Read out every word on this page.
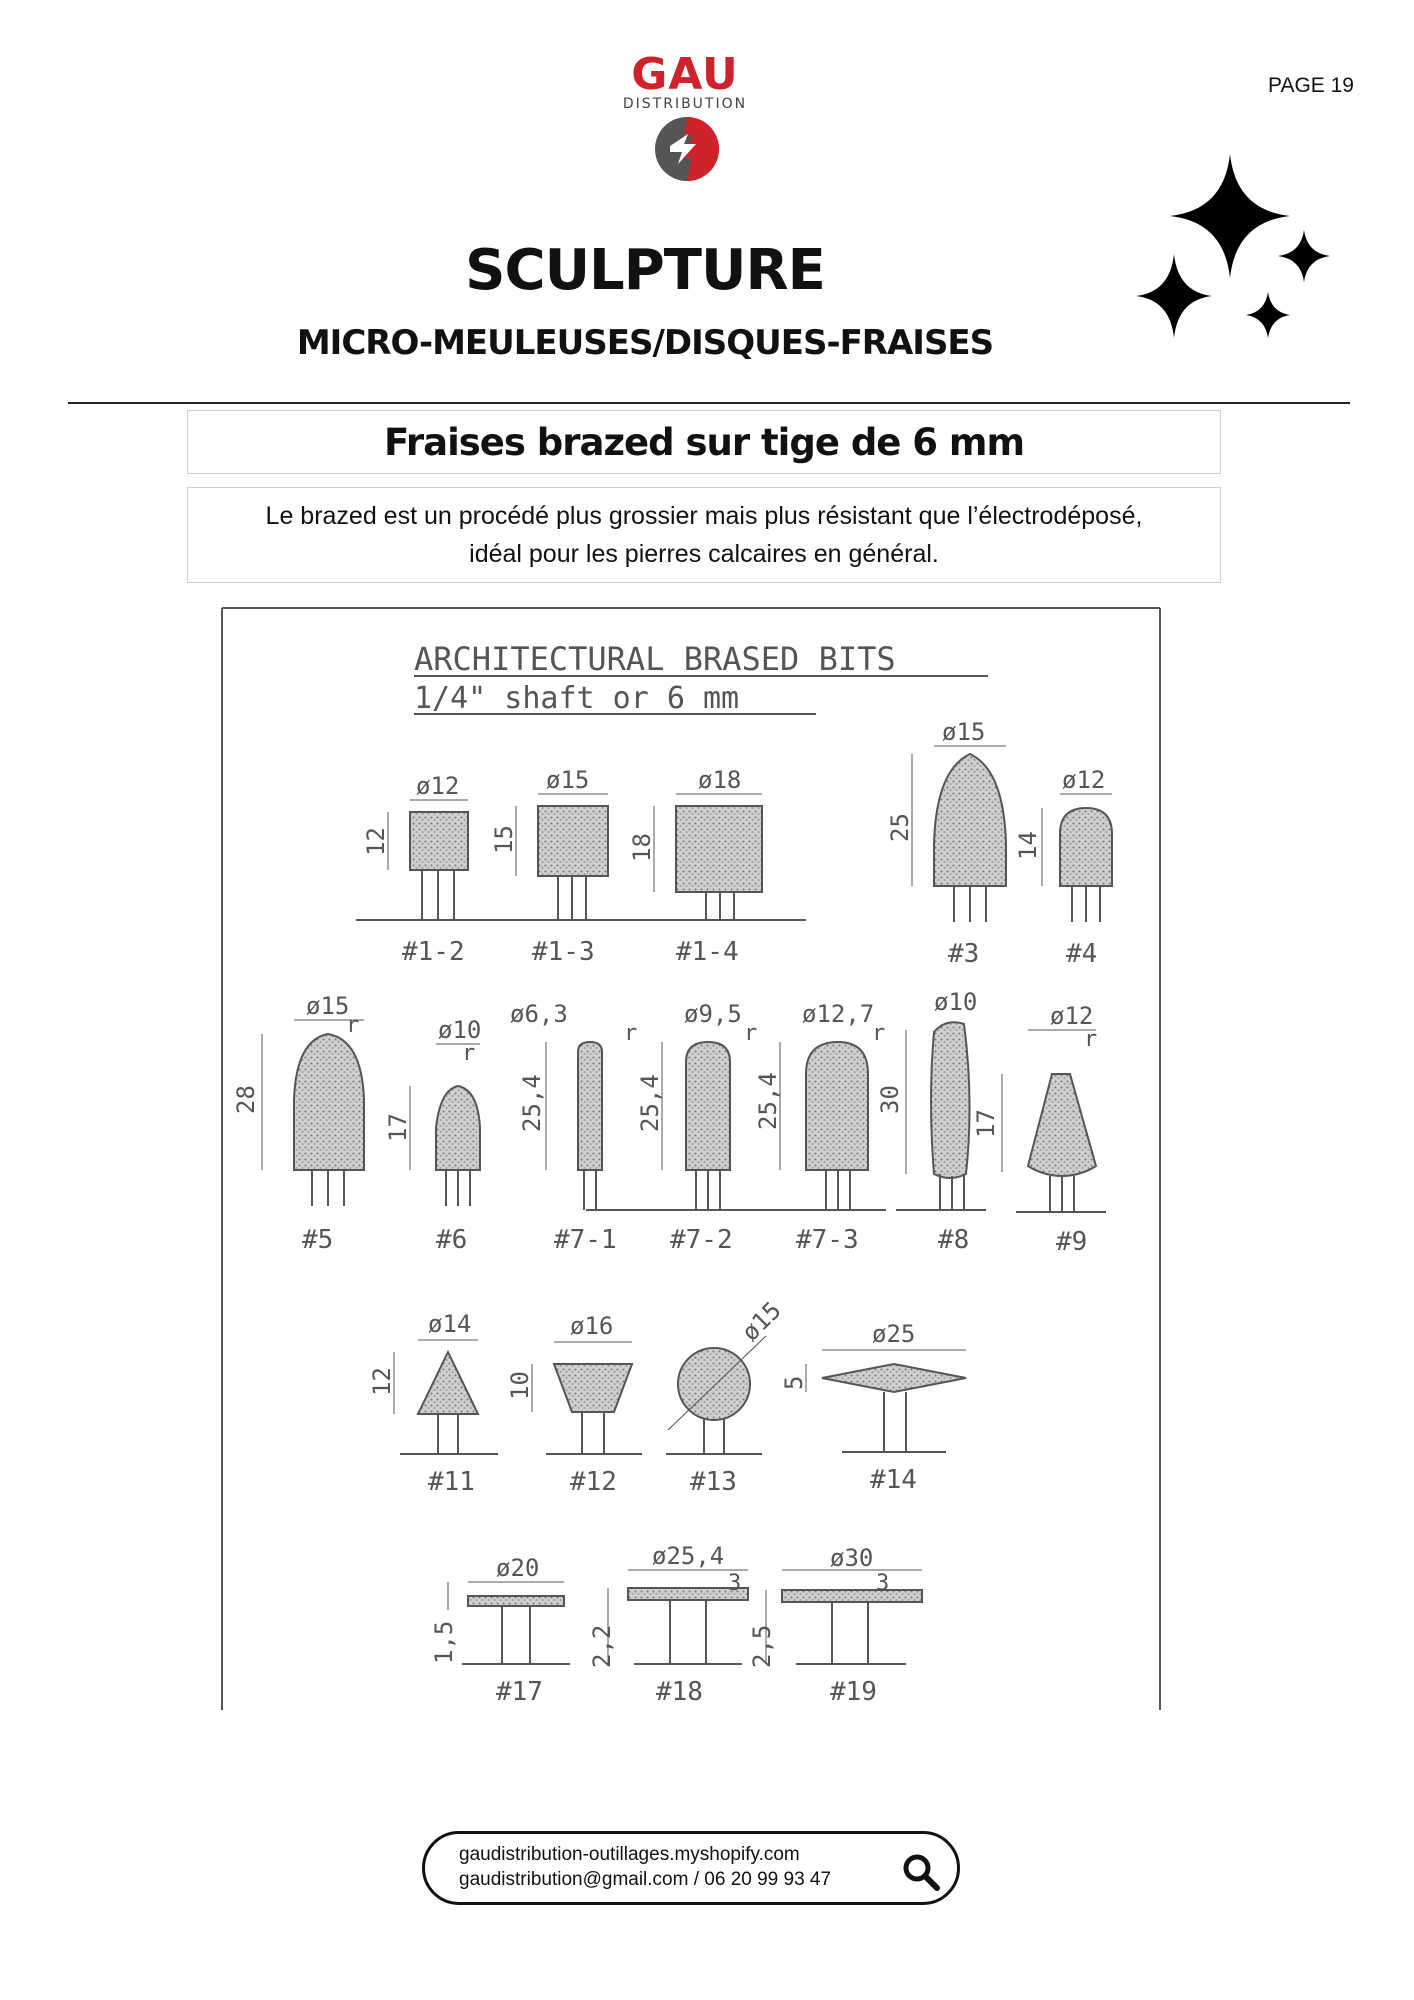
GAU
DISTRIBUTION
PAGE 19
SCULPTURE
MICRO-MEULEUSES/DISQUES-FRAISES
Fraises brazed sur tige de 6 mm
Le brazed est un procédé plus grossier mais plus résistant que l’électrodéposé,
idéal pour les pierres calcaires en général.
ARCHITECTURAL BRASED BITS
1/4" shaft or 6 mm
ø12
12
#1-2
ø15
15
#1-3
ø18
18
#1-4
ø15
25
#3
ø12
14
#4
ø15
28
#5
r	ø10
17
#6
r
ø6,3
25,4
#7-1
r
ø9,5
25,4
#7-2
r
ø12,7
25,4
#7-3
r
ø10
30
#8
ø12
17
#9
r
ø14
12
#11
ø16
10
#12
ø15
#13
ø25
5
#14
ø20
1,5
#17
ø25,4
2,2
3
#18
ø30
2,5
3
#19
gaudistribution-outillages.myshopify.com
gaudistribution@gmail.com / 06 20 99 93 47
